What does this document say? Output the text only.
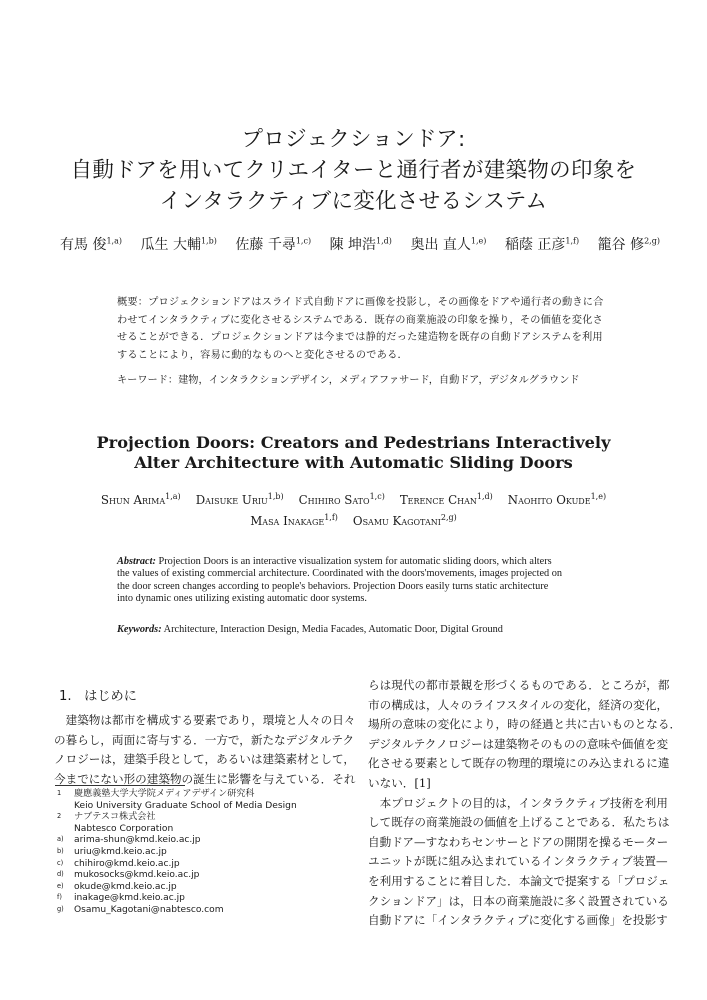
プロジェクションドア:
自動ドアを用いてクリエイターと通行者が建築物の印象を
インタラクティブに変化させるシステム
有馬 俊$^{1,a)}$ 瓜生 大輔$^{1,b)}$ 佐藤 千尋$^{1,c)}$ 陳 坤浩$^{1,d)}$ 奥出 直人$^{1,e)}$ 稲蔭 正彦$^{1,f)}$ 籠谷 修$^{2,g)}$
概要：プロジェクションドアはスライド式自動ドアに画像を投影し，その画像をドアや通行者の動きに合
わせてインタラクティブに変化させるシステムである．既存の商業施設の印象を操り，その価値を変化さ
せることができる．プロジェクションドアは今までは静的だった建造物を既存の自動ドアシステムを利用
することにより，容易に動的なものへと変化させるのである．
キーワード：建物，インタラクションデザイン，メディアファサード，自動ドア，デジタルグラウンド
Projection Doors: Creators and Pedestrians Interactively
Alter Architecture with Automatic Sliding Doors
Shun Arima$^{1,a)}$ Daisuke Uriu$^{1,b)}$ Chihiro Sato$^{1,c)}$ Terence Chan$^{1,d)}$ Naohito Okude$^{1,e)}$
Masa Inakage$^{1,f)}$ Osamu Kagotani$^{2,g)}$
Abstract: Projection Doors is an interactive visualization system for automatic sliding doors, which alters
the values of existing commercial architecture. Coordinated with the doors'movements, images projected on
the door screen changes according to people's behaviors. Projection Doors easily turns static architecture
into dynamic ones utilizing existing automatic door systems.
Keywords: Architecture, Interaction Design, Media Facades, Automatic Door, Digital Ground
1. はじめに
　建築物は都市を構成する要素であり，環境と人々の日々
の暮らし，両面に寄与する．一方で，新たなデジタルテク
ノロジーは，建築手段として，あるいは建築素材として，
今までにない形の建築物の誕生に影響を与えている．それ
らは現代の都市景観を形づくるものである．ところが，都
市の構成は，人々のライフスタイルの変化，経済の変化，
場所の意味の変化により，時の経過と共に古いものとなる．
デジタルテクノロジーは建築物そのものの意味や価値を変
化させる要素として既存の物理的環境にのみ込まれるに違
いない．[1]
　本プロジェクトの目的は，インタラクティブ技術を利用
して既存の商業施設の価値を上げることである．私たちは
自動ドア—すなわちセンサーとドアの開閉を操るモーター
ユニットが既に組み込まれているインタラクティブ装置—
を利用することに着目した．本論文で提案する「プロジェ
クションドア」は，日本の商業施設に多く設置されている
自動ドアに「インタラクティブに変化する画像」を投影す
1	慶應義塾大学大学院メディアデザイン研究科
Keio University Graduate School of Media Design
2	ナブテスコ株式会社
Nabtesco Corporation
a)	arima-shun@kmd.keio.ac.jp
b)	uriu@kmd.keio.ac.jp
c)	chihiro@kmd.keio.ac.jp
d)	mukosocks@kmd.keio.ac.jp
e)	okude@kmd.keio.ac.jp
f)	inakage@kmd.keio.ac.jp
g)	Osamu_Kagotani@nabtesco.com
